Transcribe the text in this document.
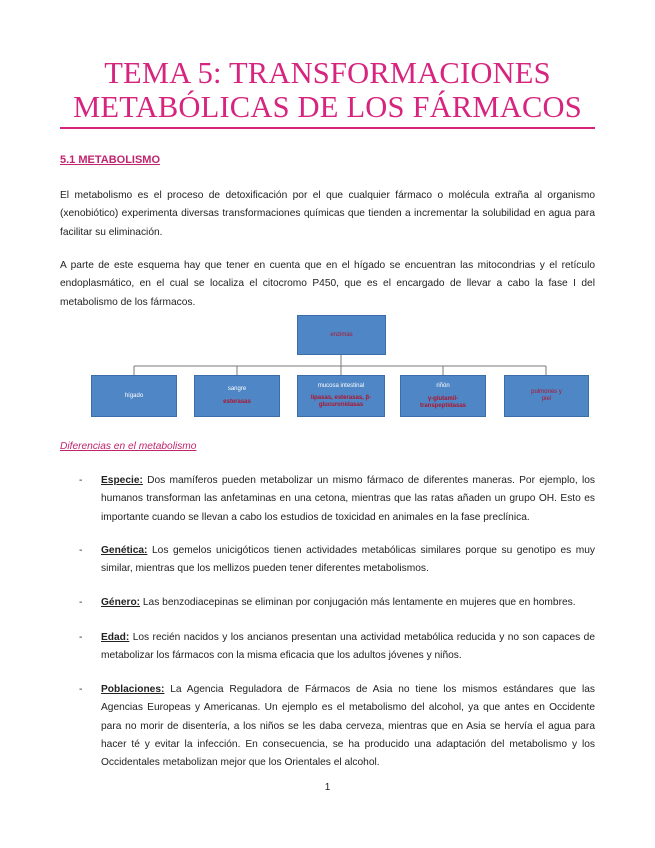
TEMA 5: TRANSFORMACIONES
METABÓLICAS DE LOS FÁRMACOS
5.1 METABOLISMO
El metabolismo es el proceso de detoxificación por el que cualquier fármaco o molécula extraña al organismo (xenobiótico) experimenta diversas transformaciones químicas que tienden a incrementar la solubilidad en agua para facilitar su eliminación.
A parte de este esquema hay que tener en cuenta que en el hígado se encuentran las mitocondrias y el retículo endoplasmático, en el cual se localiza el citocromo P450, que es el encargado de llevar a cabo la fase I del metabolismo de los fármacos.
enzimas
hígado
sangre
esterasas
mucosa intestinal
lipasas, esterasas, β-glucuronidasas
riñón
γ-glutamil-transpeptidasas
pulmones y piel
Diferencias en el metabolismo
- Especie: Dos mamíferos pueden metabolizar un mismo fármaco de diferentes maneras. Por ejemplo, los humanos transforman las anfetaminas en una cetona, mientras que las ratas añaden un grupo OH. Esto es importante cuando se llevan a cabo los estudios de toxicidad en animales en la fase preclínica.
- Genética: Los gemelos unicigóticos tienen actividades metabólicas similares porque su genotipo es muy similar, mientras que los mellizos pueden tener diferentes metabolismos.
- Género: Las benzodiacepinas se eliminan por conjugación más lentamente en mujeres que en hombres.
- Edad: Los recién nacidos y los ancianos presentan una actividad metabólica reducida y no son capaces de metabolizar los fármacos con la misma eficacia que los adultos jóvenes y niños.
- Poblaciones: La Agencia Reguladora de Fármacos de Asia no tiene los mismos estándares que las Agencias Europeas y Americanas. Un ejemplo es el metabolismo del alcohol, ya que antes en Occidente para no morir de disentería, a los niños se les daba cerveza, mientras que en Asia se hervía el agua para hacer té y evitar la infección. En consecuencia, se ha producido una adaptación del metabolismo y los Occidentales metabolizan mejor que los Orientales el alcohol.
1
